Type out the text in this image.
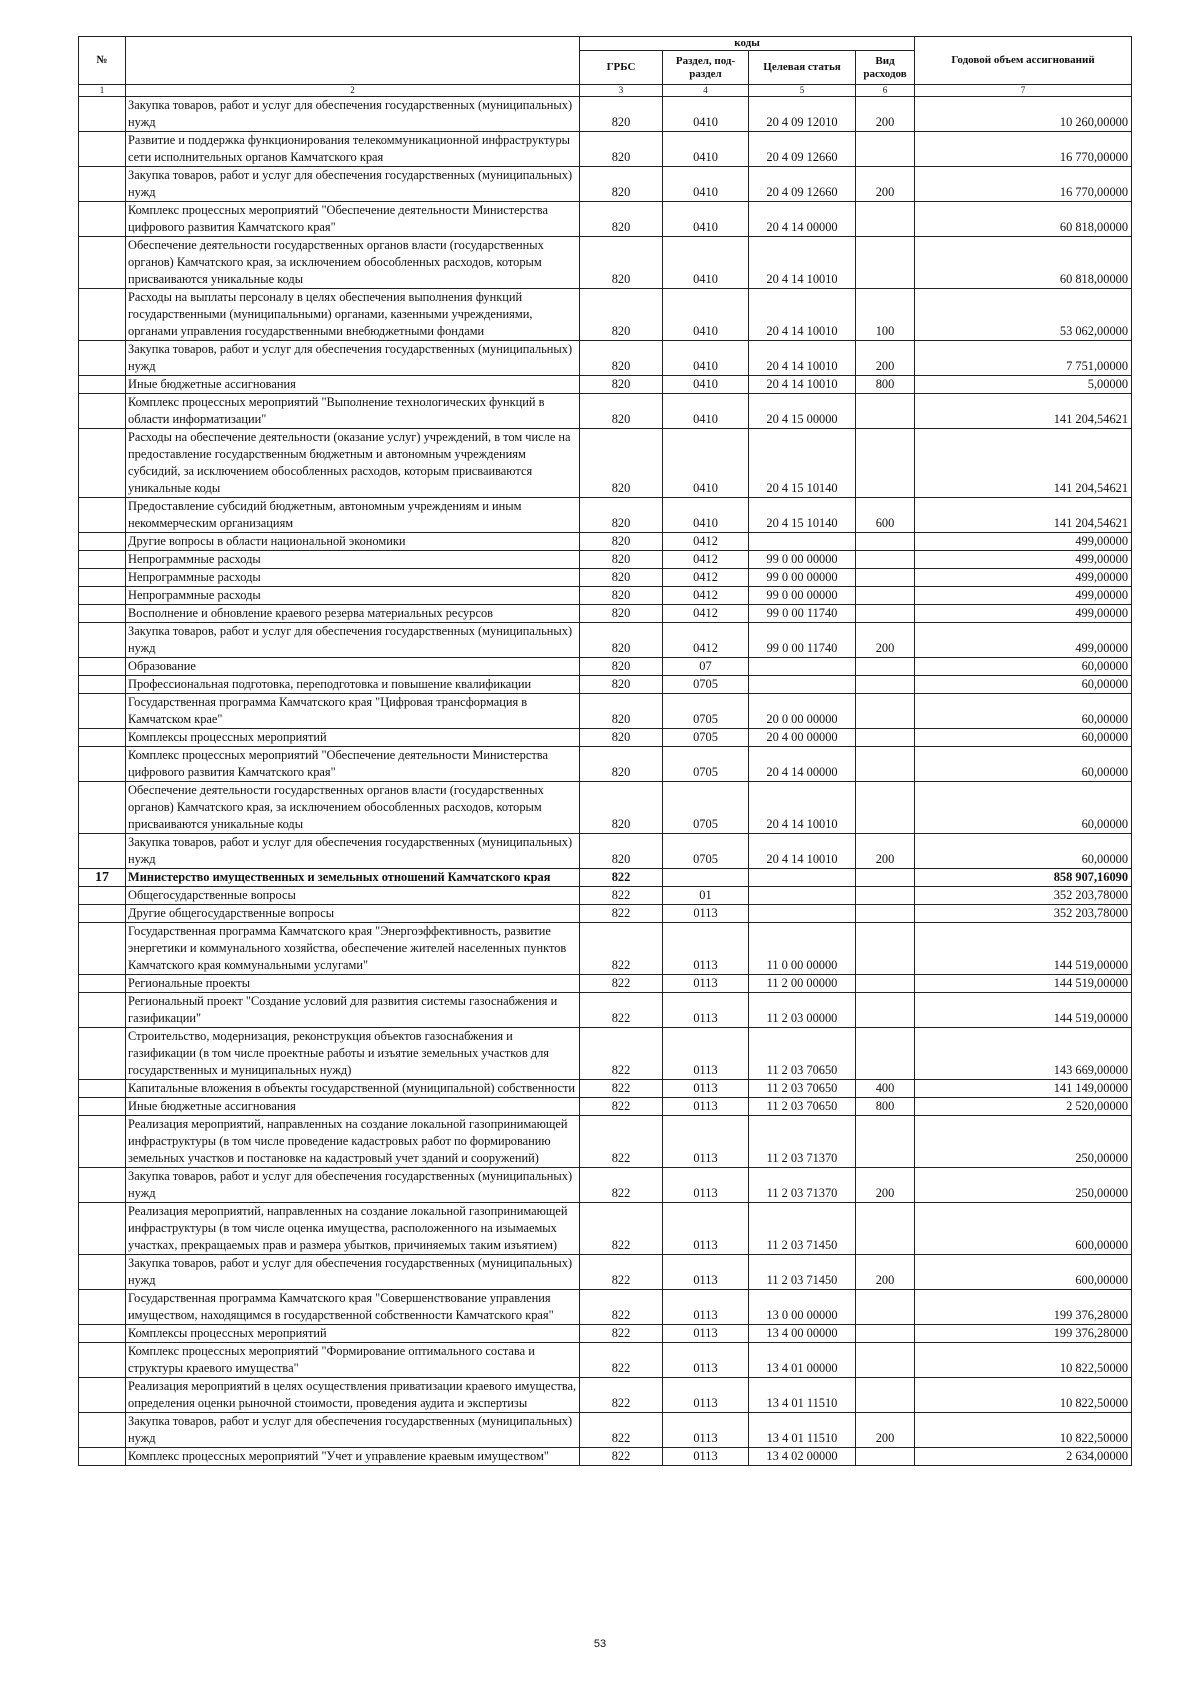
№		коды				Годовой объем ассигнований
		ГРБС	Раздел, под-раздел	Целевая статья	Вид расходов	
1	2	3	4	5	6	7
	Закупка товаров, работ и услуг для обеспечения государственных (муниципальных) нужд	820	0410	20 4 09 12010	200	10 260,00000
	Развитие и поддержка функционирования телекоммуникационной инфраструктуры сети исполнительных органов Камчатского края	820	0410	20 4 09 12660		16 770,00000
	Закупка товаров, работ и услуг для обеспечения государственных (муниципальных) нужд	820	0410	20 4 09 12660	200	16 770,00000
	Комплекс процессных мероприятий "Обеспечение деятельности Министерства цифрового развития Камчатского края"	820	0410	20 4 14 00000		60 818,00000
	Обеспечение деятельности государственных органов власти (государственных органов) Камчатского края, за исключением обособленных расходов, которым присваиваются уникальные коды	820	0410	20 4 14 10010		60 818,00000
	Расходы на выплаты персоналу в целях обеспечения выполнения функций государственными (муниципальными) органами, казенными учреждениями, органами управления государственными внебюджетными фондами	820	0410	20 4 14 10010	100	53 062,00000
	Закупка товаров, работ и услуг для обеспечения государственных (муниципальных) нужд	820	0410	20 4 14 10010	200	7 751,00000
	Иные бюджетные ассигнования	820	0410	20 4 14 10010	800	5,00000
	Комплекс процессных мероприятий "Выполнение технологических функций в области информатизации"	820	0410	20 4 15 00000		141 204,54621
	Расходы на обеспечение деятельности (оказание услуг) учреждений, в том числе на предоставление государственным бюджетным и автономным учреждениям субсидий, за исключением обособленных расходов, которым присваиваются уникальные коды	820	0410	20 4 15 10140		141 204,54621
	Предоставление субсидий бюджетным, автономным учреждениям и иным некоммерческим организациям	820	0410	20 4 15 10140	600	141 204,54621
	Другие вопросы в области национальной экономики	820	0412			499,00000
	Непрограммные расходы	820	0412	99 0 00 00000		499,00000
	Непрограммные расходы	820	0412	99 0 00 00000		499,00000
	Непрограммные расходы	820	0412	99 0 00 00000		499,00000
	Восполнение и обновление краевого резерва материальных ресурсов	820	0412	99 0 00 11740		499,00000
	Закупка товаров, работ и услуг для обеспечения государственных (муниципальных) нужд	820	0412	99 0 00 11740	200	499,00000
	Образование	820	07			60,00000
	Профессиональная подготовка, переподготовка и повышение квалификации	820	0705			60,00000
	Государственная программа Камчатского края "Цифровая трансформация в Камчатском крае"	820	0705	20 0 00 00000		60,00000
	Комплексы процессных мероприятий	820	0705	20 4 00 00000		60,00000
	Комплекс процессных мероприятий "Обеспечение деятельности Министерства цифрового развития Камчатского края"	820	0705	20 4 14 00000		60,00000
	Обеспечение деятельности государственных органов власти (государственных органов) Камчатского края, за исключением обособленных расходов, которым присваиваются уникальные коды	820	0705	20 4 14 10010		60,00000
	Закупка товаров, работ и услуг для обеспечения государственных (муниципальных) нужд	820	0705	20 4 14 10010	200	60,00000
17	Министерство имущественных и земельных отношений Камчатского края	822				858 907,16090
	Общегосударственные вопросы	822	01			352 203,78000
	Другие общегосударственные вопросы	822	0113			352 203,78000
	Государственная программа Камчатского края "Энергоэффективность, развитие энергетики и коммунального хозяйства, обеспечение жителей населенных пунктов Камчатского края коммунальными услугами"	822	0113	11 0 00 00000		144 519,00000
	Региональные проекты	822	0113	11 2 00 00000		144 519,00000
	Региональный проект "Создание условий для развития системы газоснабжения и газификации"	822	0113	11 2 03 00000		144 519,00000
	Строительство, модернизация, реконструкция объектов газоснабжения и газификации (в том числе проектные работы и изъятие земельных участков для государственных и муниципальных нужд)	822	0113	11 2 03 70650		143 669,00000
	Капитальные вложения в объекты государственной (муниципальной) собственности	822	0113	11 2 03 70650	400	141 149,00000
	Иные бюджетные ассигнования	822	0113	11 2 03 70650	800	2 520,00000
	Реализация мероприятий, направленных на создание локальной газопринимающей инфраструктуры (в том числе проведение кадастровых работ по формированию земельных участков и постановке на кадастровый учет зданий и сооружений)	822	0113	11 2 03 71370		250,00000
	Закупка товаров, работ и услуг для обеспечения государственных (муниципальных) нужд	822	0113	11 2 03 71370	200	250,00000
	Реализация мероприятий, направленных на создание локальной газопринимающей инфраструктуры (в том числе оценка имущества, расположенного на изымаемых участках, прекращаемых прав и размера убытков, причиняемых таким изъятием)	822	0113	11 2 03 71450		600,00000
	Закупка товаров, работ и услуг для обеспечения государственных (муниципальных) нужд	822	0113	11 2 03 71450	200	600,00000
	Государственная программа Камчатского края "Совершенствование управления имуществом, находящимся в государственной собственности Камчатского края"	822	0113	13 0 00 00000		199 376,28000
	Комплексы процессных мероприятий	822	0113	13 4 00 00000		199 376,28000
	Комплекс процессных мероприятий "Формирование оптимального состава и структуры краевого имущества"	822	0113	13 4 01 00000		10 822,50000
	Реализация мероприятий в целях осуществления приватизации краевого имущества, определения оценки рыночной стоимости, проведения аудита и экспертизы	822	0113	13 4 01 11510		10 822,50000
	Закупка товаров, работ и услуг для обеспечения государственных (муниципальных) нужд	822	0113	13 4 01 11510	200	10 822,50000
	Комплекс процессных мероприятий "Учет и управление краевым имуществом"	822	0113	13 4 02 00000		2 634,00000
53
